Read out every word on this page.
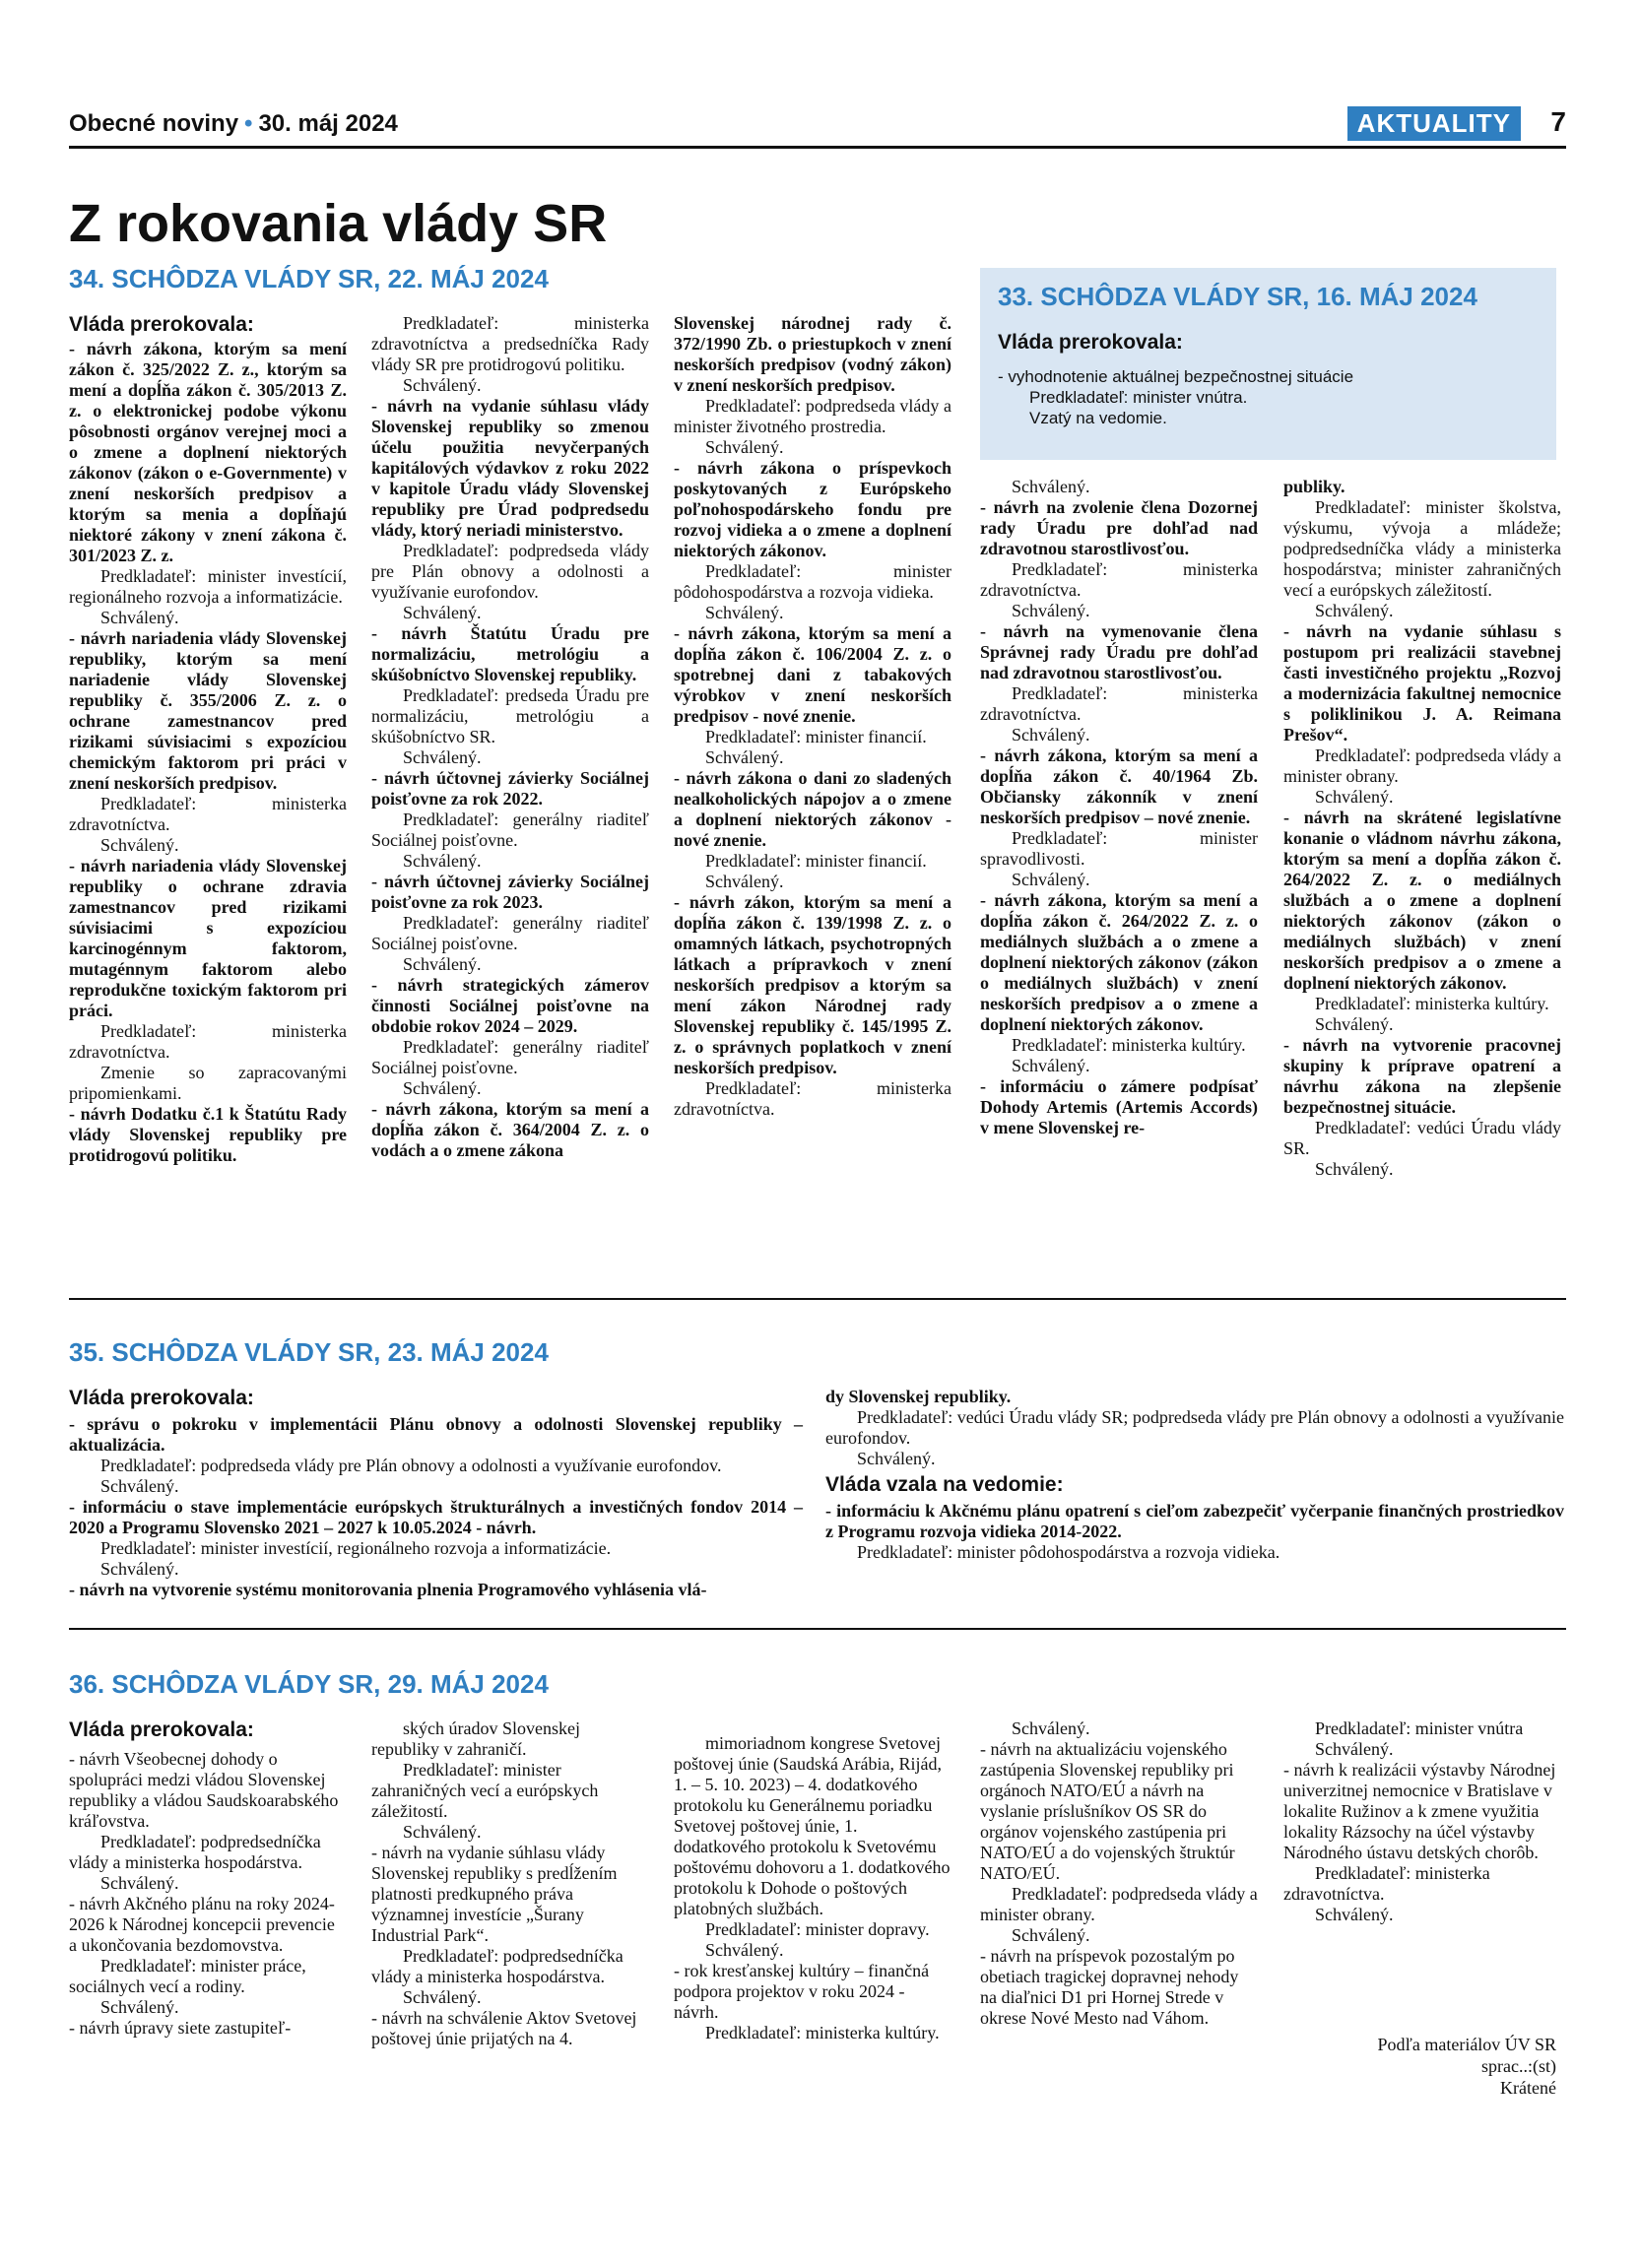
Obecné noviny • 30. máj 2024	AKTUALITY	7
Z rokovania vlády SR
34. SCHÔDZA VLÁDY SR, 22. MÁJ 2024
Vláda prerokovala:

- návrh zákona, ktorým sa mení zákon č. 325/2022 Z. z., ktorým sa mení a dopĺňa zákon č. 305/2013 Z. z. o elektronickej podobe výkonu pôsobnosti orgánov verejnej moci a o zmene a doplnení niektorých zákonov (zákon o e-Governmente) v znení neskorších predpisov a ktorým sa menia a dopĺňajú niektoré zákony v znení zákona č. 301/2023 Z. z.

Predkladateľ: minister investícií, regionálneho rozvoja a informatizácie.

Schválený.

- návrh nariadenia vlády Slovenskej republiky, ktorým sa mení nariadenie vlády Slovenskej republiky č. 355/2006 Z. z. o ochrane zamestnancov pred rizikami súvisiacimi s expozíciou chemickým faktorom pri práci v znení neskorších predpisov.

Predkladateľ: ministerka zdravotníctva.

Schválený.

- návrh nariadenia vlády Slovenskej republiky o ochrane zdravia zamestnancov pred rizikami súvisiacimi s expozíciou karcinogénnym faktorom, mutagénnym faktorom alebo reprodukčne toxickým faktorom pri práci.

Predkladateľ: ministerka zdravotníctva.

Zmenie so zapracovanými pripomienkami.

- návrh Dodatku č.1 k Štatútu Rady vlády Slovenskej republiky pre protidrogovú politiku.

Predkladateľ: ministerka zdravotníctva a predsedníčka Rady vlády SR pre protidrogovú politiku.

Schválený.

- návrh na vydanie súhlasu vlády Slovenskej republiky so zmenou účelu použitia nevyčerpaných kapitálových výdavkov z roku 2022 v kapitole Úradu vlády Slovenskej republiky pre Úrad podpredsedu vlády, ktorý neriadi ministerstvo.

Predkladateľ: podpredseda vlády pre Plán obnovy a odolnosti a využívanie eurofondov.

Schválený.

- návrh Štatútu Úradu pre normalizáciu, metrológiu a skúšobníctvo Slovenskej republiky.

Predkladateľ: predseda Úradu pre normalizáciu, metrológiu a skúšobníctvo SR.

Schválený.

- návrh účtovnej závierky Sociálnej poisťovne za rok 2022.

Predkladateľ: generálny riaditeľ Sociálnej poisťovne.

Schválený.

- návrh účtovnej závierky Sociálnej poisťovne za rok 2023.

Predkladateľ: generálny riaditeľ Sociálnej poisťovne.

Schválený.

- návrh strategických zámerov činnosti Sociálnej poisťovne na obdobie rokov 2024 – 2029.

Predkladateľ: generálny riaditeľ Sociálnej poisťovne.

Schválený.

- návrh zákona, ktorým sa mení a dopĺňa zákon č. 364/2004 Z. z. o vodách a o zmene zákona

Slovenskej národnej rady č. 372/1990 Zb. o priestupkoch v znení neskorších predpisov (vodný zákon) v znení neskorších predpisov.

Predkladateľ: podpredseda vlády a minister životného prostredia.

Schválený.

- návrh zákona o príspevkoch poskytovaných z Európskeho poľnohospodárskeho fondu pre rozvoj vidieka a o zmene a doplnení niektorých zákonov.

Predkladateľ: minister pôdohospodárstva a rozvoja vidieka.

Schválený.

- návrh zákona, ktorým sa mení a dopĺňa zákon č. 106/2004 Z. z. o spotrebnej dani z tabakových výrobkov v znení neskorších predpisov - nové znenie.

Predkladateľ: minister financií.

Schválený.

- návrh zákona o dani zo sladených nealkoholických nápojov a o zmene a doplnení niektorých zákonov - nové znenie.

Predkladateľ: minister financií.

Schválený.

- návrh zákon, ktorým sa mení a dopĺňa zákon č. 139/1998 Z. z. o omamných látkach, psychotropných látkach a prípravkoch v znení neskorších predpisov a ktorým sa mení zákon Národnej rady Slovenskej republiky č. 145/1995 Z. z. o správnych poplatkoch v znení neskorších predpisov.

Predkladateľ: ministerka zdravotníctva.

33. SCHÔDZA VLÁDY SR, 16. MÁJ 2024
Vláda prerokovala:

- vyhodnotenie aktuálnej bezpečnostnej situácie

Predkladateľ: minister vnútra.

Vzatý na vedomie.

Schválený.

- návrh na zvolenie člena Dozornej rady Úradu pre dohľad nad zdravotnou starostlivosťou.

Predkladateľ: ministerka zdravotníctva.

Schválený.

- návrh na vymenovanie člena Správnej rady Úradu pre dohľad nad zdravotnou starostlivosťou.

Predkladateľ: ministerka zdravotníctva.

Schválený.

- návrh zákona, ktorým sa mení a dopĺňa zákon č. 40/1964 Zb. Občiansky zákonník v znení neskorších predpisov – nové znenie.

Predkladateľ: minister spravodlivosti.

Schválený.

- návrh zákona, ktorým sa mení a dopĺňa zákon č. 264/2022 Z. z. o mediálnych službách a o zmene a doplnení niektorých zákonov (zákon o mediálnych službách) v znení neskorších predpisov a o zmene a doplnení niektorých zákonov.

Predkladateľ: ministerka kultúry.

Schválený.

- informáciu o zámere podpísať Dohody Artemis (Artemis Accords) v mene Slovenskej re-

publiky.

Predkladateľ: minister školstva, výskumu, vývoja a mládeže; podpredsedníčka vlády a ministerka hospodárstva; minister zahraničných vecí a európskych záležitostí.

Schválený.

- návrh na vydanie súhlasu s postupom pri realizácii stavebnej časti investičného projektu „Rozvoj a modernizácia fakultnej nemocnice s poliklinikou J. A. Reimana Prešov“.

Predkladateľ: podpredseda vlády a minister obrany.

Schválený.

- návrh na skrátené legislatívne konanie o vládnom návrhu zákona, ktorým sa mení a dopĺňa zákon č. 264/2022 Z. z. o mediálnych službách a o zmene a doplnení niektorých zákonov (zákon o mediálnych službách) v znení neskorších predpisov a o zmene a doplnení niektorých zákonov.

Predkladateľ: ministerka kultúry.

Schválený.

- návrh na vytvorenie pracovnej skupiny k príprave opatrení a návrhu zákona na zlepšenie bezpečnostnej situácie.

Predkladateľ: vedúci Úradu vlády SR.

Schválený.

35. SCHÔDZA VLÁDY SR, 23. MÁJ 2024
Vláda prerokovala:

- správu o pokroku v implementácii Plánu obnovy a odolnosti Slovenskej republiky – aktualizácia.

Predkladateľ: podpredseda vlády pre Plán obnovy a odolnosti a využívanie eurofondov.

Schválený.

- informáciu o stave implementácie európskych štrukturálnych a investičných fondov 2014 – 2020 a Programu Slovensko 2021 – 2027 k 10.05.2024 - návrh.

Predkladateľ: minister investícií, regionálneho rozvoja a informatizácie.

Schválený.

- návrh na vytvorenie systému monitorovania plnenia Programového vyhlásenia vlá-

dy Slovenskej republiky.

Predkladateľ: vedúci Úradu vlády SR; podpredseda vlády pre Plán obnovy a odolnosti a využívanie eurofondov.

Schválený.

Vláda vzala na vedomie:

- informáciu k Akčnému plánu opatrení s cieľom zabezpečiť vyčerpanie finančných prostriedkov z Programu rozvoja vidieka 2014-2022.

Predkladateľ: minister pôdohospodárstva a rozvoja vidieka.

36. SCHÔDZA VLÁDY SR, 29. MÁJ 2024
Vláda prerokovala:

- návrh Všeobecnej dohody o spolupráci medzi vládou Slovenskej republiky a vládou Saudskoarabského kráľovstva.

Predkladateľ: podpredsedníčka vlády a ministerka hospodárstva.

Schválený.

- návrh Akčného plánu na roky 2024-2026 k Národnej koncepcii prevencie a ukončovania bezdomovstva.

Predkladateľ: minister práce, sociálnych vecí a rodiny.

Schválený.

- návrh úpravy siete zastupiteľ-

ských úradov Slovenskej republiky v zahraničí.

Predkladateľ: minister zahraničných vecí a európskych záležitostí.

Schválený.

- návrh na vydanie súhlasu vlády Slovenskej republiky s predĺžením platnosti predkupného práva významnej investície „Šurany Industrial Park“.

Predkladateľ: podpredsedníčka vlády a ministerka hospodárstva.

Schválený.

- návrh na schválenie Aktov Svetovej poštovej únie prijatých na 4.

mimoriadnom kongrese Svetovej poštovej únie (Saudská Arábia, Rijád, 1. – 5. 10. 2023) – 4. dodatkového protokolu ku Generálnemu poriadku Svetovej poštovej únie, 1. dodatkového protokolu k Svetovému poštovému dohovoru a 1. dodatkového protokolu k Dohode o poštových platobných službách.

Predkladateľ: minister dopravy.

Schválený.

- rok kresťanskej kultúry – finančná podpora projektov v roku 2024 - návrh.

Predkladateľ: ministerka kultúry.

Schválený.

- návrh na aktualizáciu vojenského zastúpenia Slovenskej republiky pri orgánoch NATO/EÚ a návrh na vyslanie príslušníkov OS SR do orgánov vojenského zastúpenia pri NATO/EÚ a do vojenských štruktúr NATO/EÚ.

Predkladateľ: podpredseda vlády a minister obrany.

Schválený.

- návrh na príspevok pozostalým po obetiach tragickej dopravnej nehody na diaľnici D1 pri Hornej Strede v okrese Nové Mesto nad Váhom.

Predkladateľ: minister vnútra

Schválený.

- návrh k realizácii výstavby Národnej univerzitnej nemocnice v Bratislave v lokalite Ružinov a k zmene využitia lokality Rázsochy na účel výstavby Národného ústavu detských chorôb.

Predkladateľ: ministerka zdravotníctva.

Schválený.

Podľa materiálov ÚV SR
sprac..:(st)
Krátené
